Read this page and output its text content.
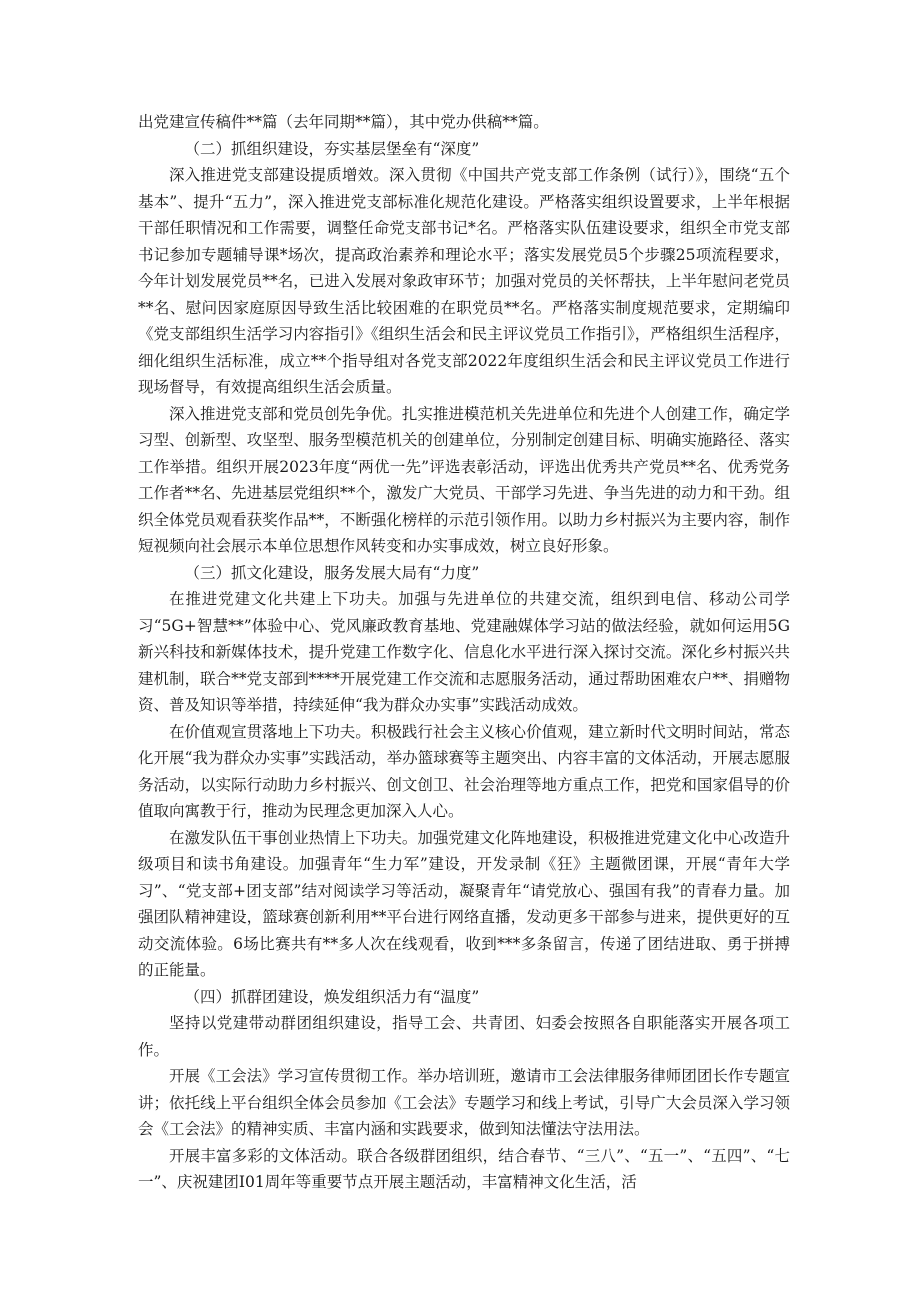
出党建宣传稿件**篇（去年同期**篇），其中党办供稿**篇。

（二）抓组织建设，夯实基层堡垒有“深度”

深入推进党支部建设提质增效。深入贯彻《中国共产党支部工作条例（试行）》，围绕“五个基本”、提升“五力”，深入推进党支部标准化规范化建设。严格落实组织设置要求，上半年根据干部任职情况和工作需要，调整任命党支部书记*名。严格落实队伍建设要求，组织全市党支部书记参加专题辅导课*场次，提高政治素养和理论水平；落实发展党员5个步骤25项流程要求，今年计划发展党员**名，已进入发展对象政审环节；加强对党员的关怀帮扶，上半年慰问老党员**名、慰问因家庭原因导致生活比较困难的在职党员**名。严格落实制度规范要求，定期编印《党支部组织生活学习内容指引》《组织生活会和民主评议党员工作指引》，严格组织生活程序，细化组织生活标准，成立**个指导组对各党支部2022年度组织生活会和民主评议党员工作进行现场督导，有效提高组织生活会质量。

深入推进党支部和党员创先争优。扎实推进模范机关先进单位和先进个人创建工作，确定学习型、创新型、攻坚型、服务型模范机关的创建单位，分别制定创建目标、明确实施路径、落实工作举措。组织开展2023年度“两优一先”评选表彰活动，评选出优秀共产党员**名、优秀党务工作者**名、先进基层党组织**个，激发广大党员、干部学习先进、争当先进的动力和干劲。组织全体党员观看获奖作品**，不断强化榜样的示范引领作用。以助力乡村振兴为主要内容，制作短视频向社会展示本单位思想作风转变和办实事成效，树立良好形象。

（三）抓文化建设，服务发展大局有“力度”

在推进党建文化共建上下功夫。加强与先进单位的共建交流，组织到电信、移动公司学习“5G+智慧**”体验中心、党风廉政教育基地、党建融媒体学习站的做法经验，就如何运用5G新兴科技和新媒体技术，提升党建工作数字化、信息化水平进行深入探讨交流。深化乡村振兴共建机制，联合**党支部到****开展党建工作交流和志愿服务活动，通过帮助困难农户**、捐赠物资、普及知识等举措，持续延伸“我为群众办实事”实践活动成效。

在价值观宣贯落地上下功夫。积极践行社会主义核心价值观，建立新时代文明时间站，常态化开展“我为群众办实事”实践活动，举办篮球赛等主题突出、内容丰富的文体活动，开展志愿服务活动，以实际行动助力乡村振兴、创文创卫、社会治理等地方重点工作，把党和国家倡导的价值取向寓教于行，推动为民理念更加深入人心。

在激发队伍干事创业热情上下功夫。加强党建文化阵地建设，积极推进党建文化中心改造升级项目和读书角建设。加强青年“生力军”建设，开发录制《狂》主题微团课，开展“青年大学习”、“党支部+团支部”结对阅读学习等活动，凝聚青年“请党放心、强国有我”的青春力量。加强团队精神建设，篮球赛创新利用**平台进行网络直播，发动更多干部参与进来，提供更好的互动交流体验。6场比赛共有**多人次在线观看，收到***多条留言，传递了团结进取、勇于拼搏的正能量。

（四）抓群团建设，焕发组织活力有“温度”

坚持以党建带动群团组织建设，指导工会、共青团、妇委会按照各自职能落实开展各项工作。

开展《工会法》学习宣传贯彻工作。举办培训班，邀请市工会法律服务律师团团长作专题宣讲；依托线上平台组织全体会员参加《工会法》专题学习和线上考试，引导广大会员深入学习领会《工会法》的精神实质、丰富内涵和实践要求，做到知法懂法守法用法。

开展丰富多彩的文体活动。联合各级群团组织，结合春节、“三八”、“五一”、“五四”、“七一”、庆祝建团I01周年等重要节点开展主题活动，丰富精神文化生活，活
